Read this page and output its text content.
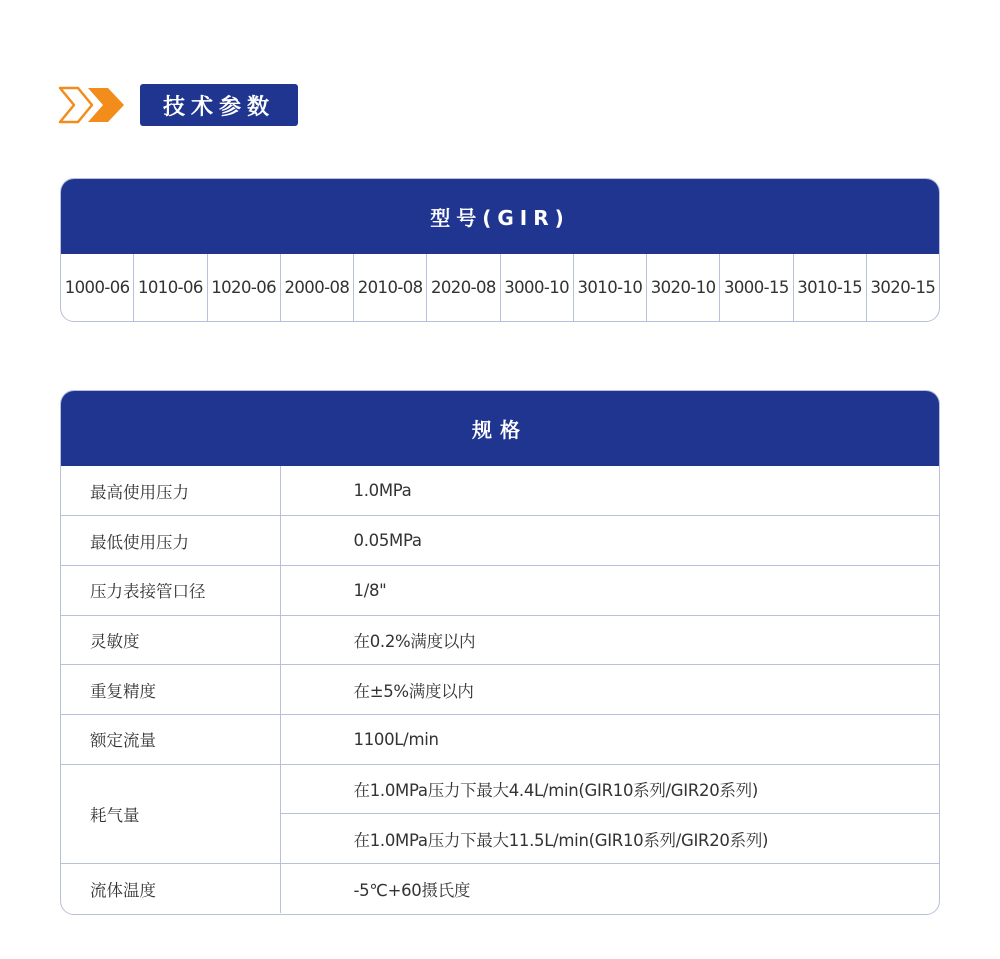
技术参数
型号(GIR)
1000-06 1010-06 1020-06 2000-08 2010-08 2020-08 3000-10 3010-10 3020-10 3000-15 3010-15 3020-15
规格
最高使用压力	1.0MPa
最低使用压力	0.05MPa
压力表接管口径	1/8"
灵敏度	在0.2%满度以内
重复精度	在±5%满度以内
额定流量	1100L/min
耗气量	在1.0MPa压力下最大4.4L/min(GIR10系列/GIR20系列)
	在1.0MPa压力下最大11.5L/min(GIR10系列/GIR20系列)
流体温度	-5℃+60摄氏度
